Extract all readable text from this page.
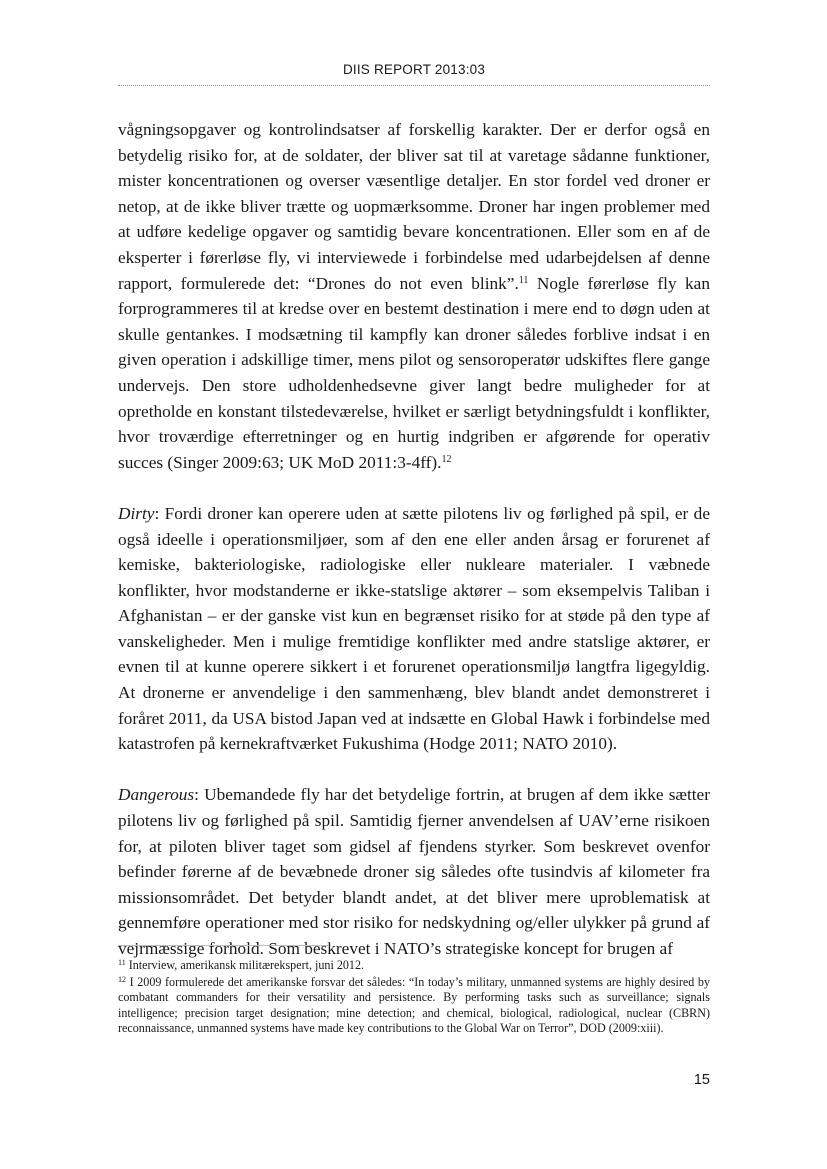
DIIS REPORT 2013:03

vågningsopgaver og kontrolindsatser af forskellig karakter. Der er derfor også en betydelig risiko for, at de soldater, der bliver sat til at varetage sådanne funktioner, mister koncentrationen og overser væsentlige detaljer. En stor fordel ved droner er netop, at de ikke bliver trætte og uopmærksomme. Droner har ingen problemer med at udføre kedelige opgaver og samtidig bevare koncentrationen. Eller som en af de eksperter i førerløse fly, vi interviewede i forbindelse med udarbejdelsen af denne rapport, formulerede det: “Drones do not even blink”.$^{11}$ Nogle førerløse fly kan forprogrammeres til at kredse over en bestemt destination i mere end to døgn uden at skulle gentankes. I modsætning til kampfly kan droner således forblive indsat i en given operation i adskillige timer, mens pilot og sensoroperatør udskiftes flere gange undervejs. Den store udholdenhedsevne giver langt bedre muligheder for at opretholde en konstant tilstedeværelse, hvilket er særligt betydningsfuldt i konflikter, hvor troværdige efterretninger og en hurtig indgriben er afgørende for operativ succes (Singer 2009:63; UK MoD 2011:3-4ff).$^{12}$

Dirty: Fordi droner kan operere uden at sætte pilotens liv og førlighed på spil, er de også ideelle i operationsmiljøer, som af den ene eller anden årsag er forurenet af kemiske, bakteriologiske, radiologiske eller nukleare materialer. I væbnede konflikter, hvor modstanderne er ikke-statslige aktører – som eksempelvis Taliban i Afghanistan – er der ganske vist kun en begrænset risiko for at støde på den type af vanskeligheder. Men i mulige fremtidige konflikter med andre statslige aktører, er evnen til at kunne operere sikkert i et forurenet operationsmiljø langtfra ligegyldig. At dronerne er anvendelige i den sammenhæng, blev blandt andet demonstreret i foråret 2011, da USA bistod Japan ved at indsætte en Global Hawk i forbindelse med katastrofen på kernekraftværket Fukushima (Hodge 2011; NATO 2010).

Dangerous: Ubemandede fly har det betydelige fortrin, at brugen af dem ikke sætter pilotens liv og førlighed på spil. Samtidig fjerner anvendelsen af UAV’erne risikoen for, at piloten bliver taget som gidsel af fjendens styrker. Som beskrevet ovenfor befinder førerne af de bevæbnede droner sig således ofte tusindvis af kilometer fra missionsområdet. Det betyder blandt andet, at det bliver mere uproblematisk at gennemføre operationer med stor risiko for nedskydning og/eller ulykker på grund af vejrmæssige forhold. Som beskrevet i NATO’s strategiske koncept for brugen af

$^{11}$ Interview, amerikansk militærekspert, juni 2012.
$^{12}$ I 2009 formulerede det amerikanske forsvar det således: “In today’s military, unmanned systems are highly desired by combatant commanders for their versatility and persistence. By performing tasks such as surveillance; signals intelligence; precision target designation; mine detection; and chemical, biological, radiological, nuclear (CBRN) reconnaissance, unmanned systems have made key contributions to the Global War on Terror”, DOD (2009:xiii).
15
